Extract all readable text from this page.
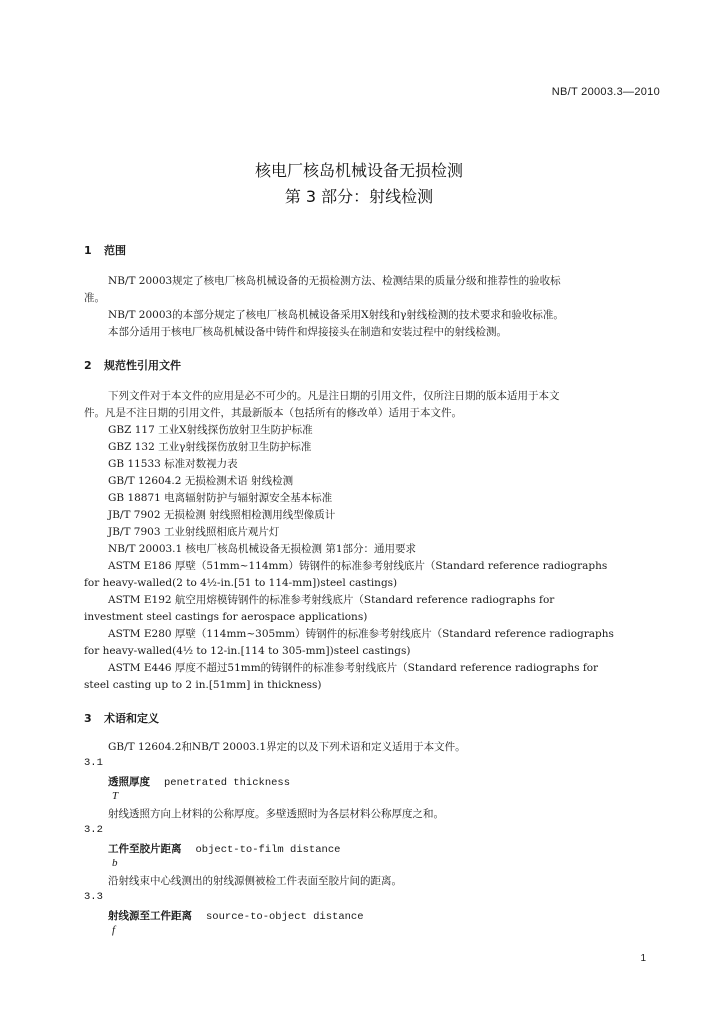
NB/T 20003.3—2010
核电厂核岛机械设备无损检测
第 3 部分：射线检测
1 范围
NB/T 20003规定了核电厂核岛机械设备的无损检测方法、检测结果的质量分级和推荐性的验收标
准。
NB/T 20003的本部分规定了核电厂核岛机械设备采用X射线和γ射线检测的技术要求和验收标准。
本部分适用于核电厂核岛机械设备中铸件和焊接接头在制造和安装过程中的射线检测。
2 规范性引用文件
下列文件对于本文件的应用是必不可少的。凡是注日期的引用文件，仅所注日期的版本适用于本文
件。凡是不注日期的引用文件，其最新版本（包括所有的修改单）适用于本文件。
GBZ 117 工业X射线探伤放射卫生防护标准
GBZ 132 工业γ射线探伤放射卫生防护标准
GB 11533 标准对数视力表
GB/T 12604.2 无损检测术语 射线检测
GB 18871 电离辐射防护与辐射源安全基本标准
JB/T 7902 无损检测 射线照相检测用线型像质计
JB/T 7903 工业射线照相底片观片灯
NB/T 20003.1 核电厂核岛机械设备无损检测 第1部分：通用要求
ASTM E186 厚壁（51mm~114mm）铸钢件的标准参考射线底片（Standard reference radiographs
for heavy-walled(2 to 4½-in.[51 to 114-mm])steel castings)
ASTM E192 航空用熔模铸钢件的标准参考射线底片（Standard reference radiographs for
investment steel castings for aerospace applications)
ASTM E280 厚壁（114mm~305mm）铸钢件的标准参考射线底片（Standard reference radiographs
for heavy-walled(4½ to 12-in.[114 to 305-mm])steel castings)
ASTM E446 厚度不超过51mm的铸钢件的标准参考射线底片（Standard reference radiographs for
steel casting up to 2 in.[51mm] in thickness)
3 术语和定义
GB/T 12604.2和NB/T 20003.1界定的以及下列术语和定义适用于本文件。
3.1
透照厚度 penetrated thickness
T
射线透照方向上材料的公称厚度。多壁透照时为各层材料公称厚度之和。
3.2
工件至胶片距离 object-to-film distance
b
沿射线束中心线测出的射线源侧被检工件表面至胶片间的距离。
3.3
射线源至工件距离 source-to-object distance
f
1
